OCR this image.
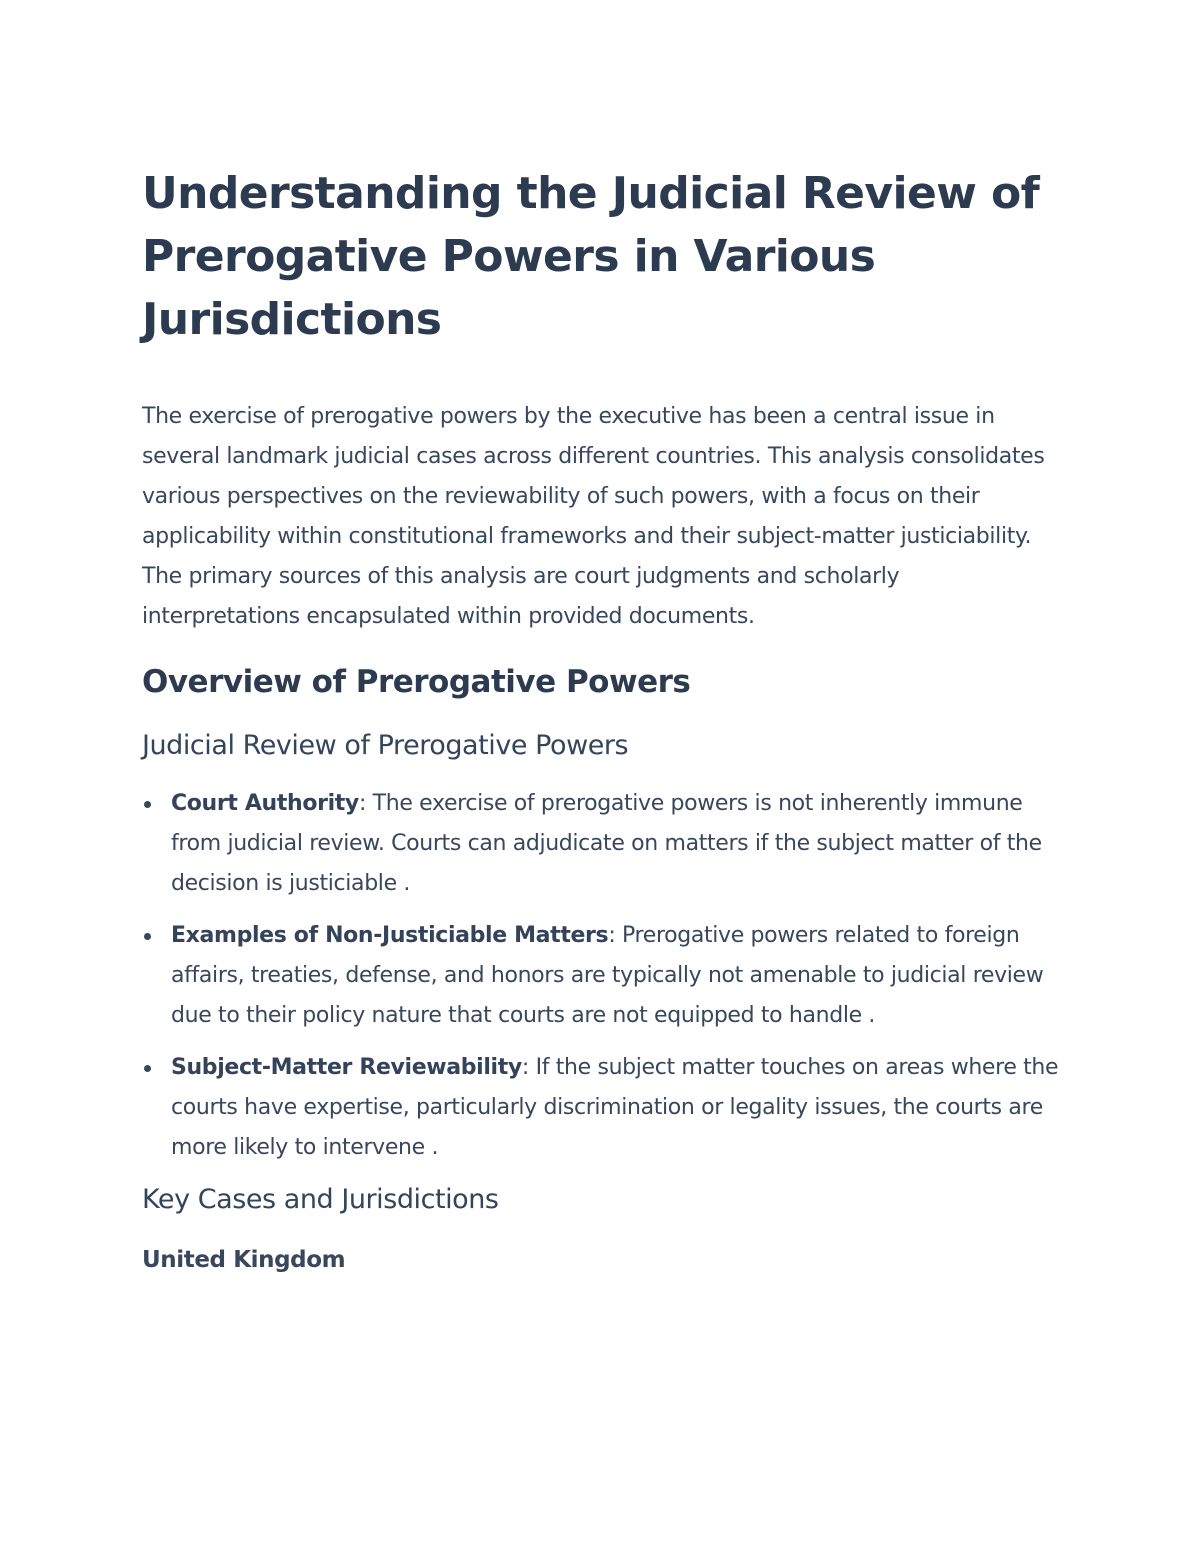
Understanding the Judicial Review of Prerogative Powers in Various Jurisdictions

The exercise of prerogative powers by the executive has been a central issue in several landmark judicial cases across different countries. This analysis consolidates various perspectives on the reviewability of such powers, with a focus on their applicability within constitutional frameworks and their subject-matter justiciability. The primary sources of this analysis are court judgments and scholarly interpretations encapsulated within provided documents.

Overview of Prerogative Powers
Judicial Review of Prerogative Powers
Court Authority: The exercise of prerogative powers is not inherently immune from judicial review. Courts can adjudicate on matters if the subject matter of the decision is justiciable .
Examples of Non-Justiciable Matters: Prerogative powers related to foreign affairs, treaties, defense, and honors are typically not amenable to judicial review due to their policy nature that courts are not equipped to handle .
Subject-Matter Reviewability: If the subject matter touches on areas where the courts have expertise, particularly discrimination or legality issues, the courts are more likely to intervene .
Key Cases and Jurisdictions
United Kingdom
